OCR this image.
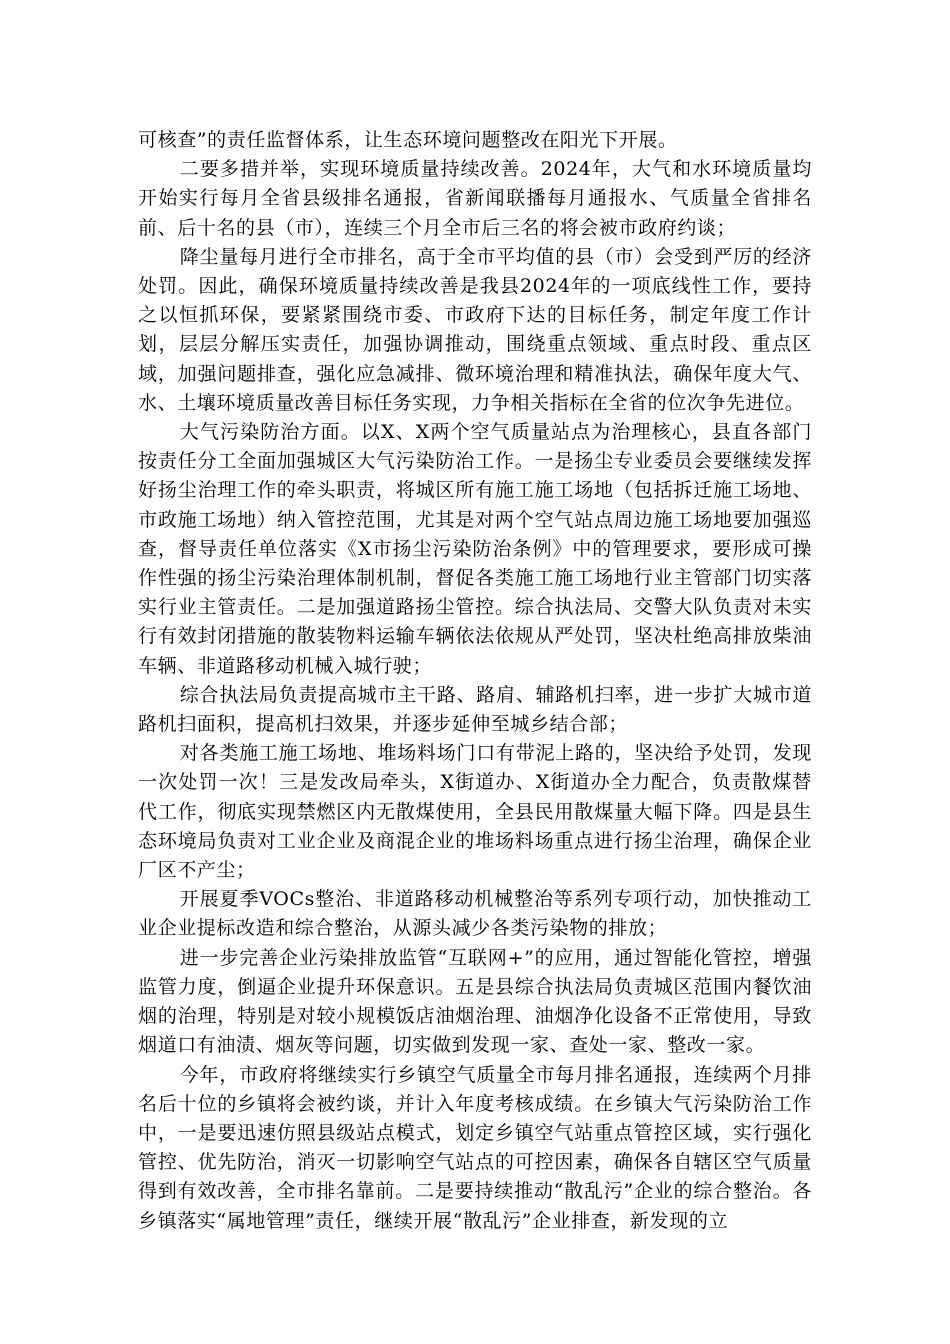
可核查”的责任监督体系，让生态环境问题整改在阳光下开展。

二要多措并举，实现环境质量持续改善。2024年，大气和水环境质量均开始实行每月全省县级排名通报，省新闻联播每月通报水、气质量全省排名前、后十名的县（市），连续三个月全市后三名的将会被市政府约谈；

降尘量每月进行全市排名，高于全市平均值的县（市）会受到严厉的经济处罚。因此，确保环境质量持续改善是我县2024年的一项底线性工作，要持之以恒抓环保，要紧紧围绕市委、市政府下达的目标任务，制定年度工作计划，层层分解压实责任，加强协调推动，围绕重点领域、重点时段、重点区域，加强问题排查，强化应急减排、微环境治理和精准执法，确保年度大气、水、土壤环境质量改善目标任务实现，力争相关指标在全省的位次争先进位。

大气污染防治方面。以X、X两个空气质量站点为治理核心，县直各部门按责任分工全面加强城区大气污染防治工作。一是扬尘专业委员会要继续发挥好扬尘治理工作的牵头职责，将城区所有施工施工场地（包括拆迁施工场地、市政施工场地）纳入管控范围，尤其是对两个空气站点周边施工场地要加强巡查，督导责任单位落实《X市扬尘污染防治条例》中的管理要求，要形成可操作性强的扬尘污染治理体制机制，督促各类施工施工场地行业主管部门切实落实行业主管责任。二是加强道路扬尘管控。综合执法局、交警大队负责对未实行有效封闭措施的散装物料运输车辆依法依规从严处罚，坚决杜绝高排放柴油车辆、非道路移动机械入城行驶；

综合执法局负责提高城市主干路、路肩、辅路机扫率，进一步扩大城市道路机扫面积，提高机扫效果，并逐步延伸至城乡结合部；

对各类施工施工场地、堆场料场门口有带泥上路的，坚决给予处罚，发现一次处罚一次！三是发改局牵头，X街道办、X街道办全力配合，负责散煤替代工作，彻底实现禁燃区内无散煤使用，全县民用散煤量大幅下降。四是县生态环境局负责对工业企业及商混企业的堆场料场重点进行扬尘治理，确保企业厂区不产尘；

开展夏季VOCs整治、非道路移动机械整治等系列专项行动，加快推动工业企业提标改造和综合整治，从源头减少各类污染物的排放；

进一步完善企业污染排放监管“互联网+”的应用，通过智能化管控，增强监管力度，倒逼企业提升环保意识。五是县综合执法局负责城区范围内餐饮油烟的治理，特别是对较小规模饭店油烟治理、油烟净化设备不正常使用，导致烟道口有油渍、烟灰等问题，切实做到发现一家、查处一家、整改一家。

今年，市政府将继续实行乡镇空气质量全市每月排名通报，连续两个月排名后十位的乡镇将会被约谈，并计入年度考核成绩。在乡镇大气污染防治工作中，一是要迅速仿照县级站点模式，划定乡镇空气站重点管控区域，实行强化管控、优先防治，消灭一切影响空气站点的可控因素，确保各自辖区空气质量得到有效改善，全市排名靠前。二是要持续推动“散乱污”企业的综合整治。各乡镇落实“属地管理”责任，继续开展“散乱污”企业排查，新发现的立
